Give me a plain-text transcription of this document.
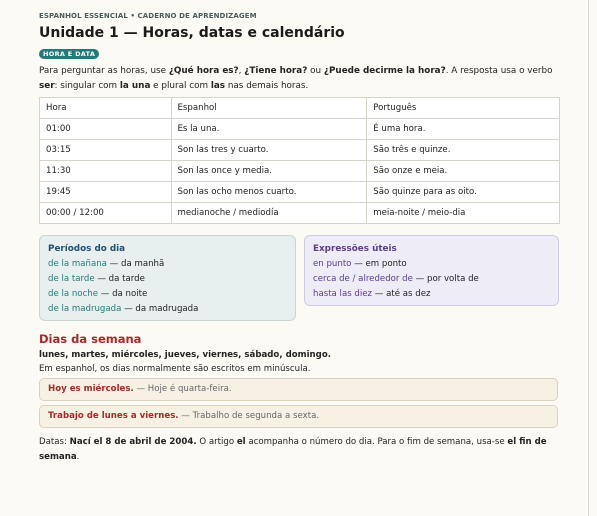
ESPANHOL ESSENCIAL • CADERNO DE APRENDIZAGEM
Unidade 1 — Horas, datas e calendário
HORA E DATA
Para perguntar as horas, use ¿Qué hora es?, ¿Tiene hora? ou ¿Puede decirme la hora?. A resposta usa o verbo ser: singular com la una e plural com las nas demais horas.
Hora	Espanhol	Português
01:00	Es la una.	É uma hora.
03:15	Son las tres y cuarto.	São três e quinze.
11:30	Son las once y media.	São onze e meia.
19:45	Son las ocho menos cuarto.	São quinze para as oito.
00:00 / 12:00	medianoche / mediodía	meia-noite / meio-dia
Períodos do dia
de la mañana — da manhã
de la tarde — da tarde
de la noche — da noite
de la madrugada — da madrugada
Expressões úteis
en punto — em ponto
cerca de / alrededor de — por volta de
hasta las diez — até as dez
Dias da semana
lunes, martes, miércoles, jueves, viernes, sábado, domingo.
Em espanhol, os dias normalmente são escritos em minúscula.
Hoy es miércoles. — Hoje é quarta-feira.
Trabajo de lunes a viernes. — Trabalho de segunda a sexta.
Datas: Nací el 8 de abril de 2004. O artigo el acompanha o número do dia. Para o fim de semana, usa-se el fin de semana.
